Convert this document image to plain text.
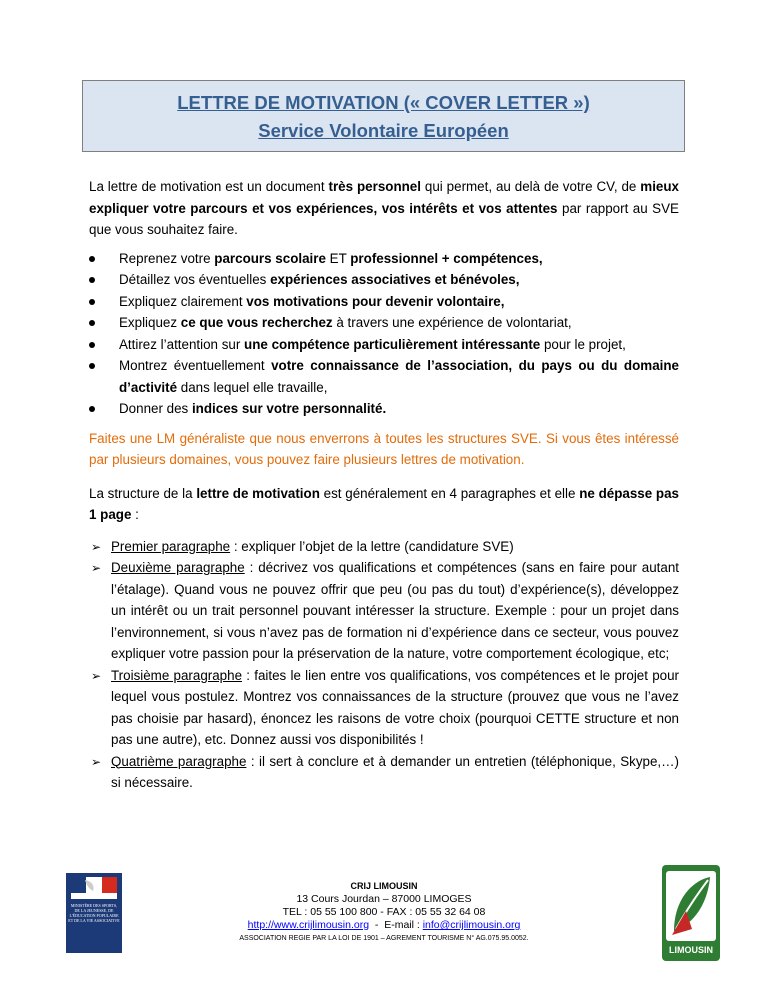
LETTRE DE MOTIVATION (« COVER LETTER »)
Service Volontaire Européen

La lettre de motivation est un document très personnel qui permet, au delà de votre CV, de mieux expliquer votre parcours et vos expériences, vos intérêts et vos attentes par rapport au SVE que vous souhaitez faire.

Reprenez votre parcours scolaire ET professionnel + compétences,
Détaillez vos éventuelles expériences associatives et bénévoles,
Expliquez clairement vos motivations pour devenir volontaire,
Expliquez ce que vous recherchez à travers une expérience de volontariat,
Attirez l’attention sur une compétence particulièrement intéressante pour le projet,
Montrez éventuellement votre connaissance de l’association, du pays ou du domaine d’activité dans lequel elle travaille,
Donner des indices sur votre personnalité.

Faites une LM généraliste que nous enverrons à toutes les structures SVE. Si vous êtes intéressé par plusieurs domaines, vous pouvez faire plusieurs lettres de motivation.

La structure de la lettre de motivation est généralement en 4 paragraphes et elle ne dépasse pas 1 page :

➢ Premier paragraphe : expliquer l’objet de la lettre (candidature SVE)
➢ Deuxième paragraphe : décrivez vos qualifications et compétences (sans en faire pour autant l’étalage). Quand vous ne pouvez offrir que peu (ou pas du tout) d’expérience(s), développez un intérêt ou un trait personnel pouvant intéresser la structure. Exemple : pour un projet dans l’environnement, si vous n’avez pas de formation ni d’expérience dans ce secteur, vous pouvez expliquer votre passion pour la préservation de la nature, votre comportement écologique, etc;
➢ Troisième paragraphe : faites le lien entre vos qualifications, vos compétences et le projet pour lequel vous postulez. Montrez vos connaissances de la structure (prouvez que vous ne l’avez pas choisie par hasard), énoncez les raisons de votre choix (pourquoi CETTE structure et non pas une autre), etc. Donnez aussi vos disponibilités !
➢ Quatrième paragraphe : il sert à conclure et à demander un entretien (téléphonique, Skype,…) si nécessaire.
MINISTÈRE DES SPORTS, DE LA JEUNESSE, DE L'ÉDUCATION POPULAIRE ET DE LA VIE ASSOCIATIVE
CRIJ LIMOUSIN
13 Cours Jourdan – 87000 LIMOGES
TEL : 05 55 100 800 - FAX : 05 55 32 64 08
http://www.crijlimousin.org  -  E-mail : info@crijlimousin.org
ASSOCIATION REGIE PAR LA LOI DE 1901 – AGREMENT TOURISME N° AG.075.95.0052.
LIMOUSIN
